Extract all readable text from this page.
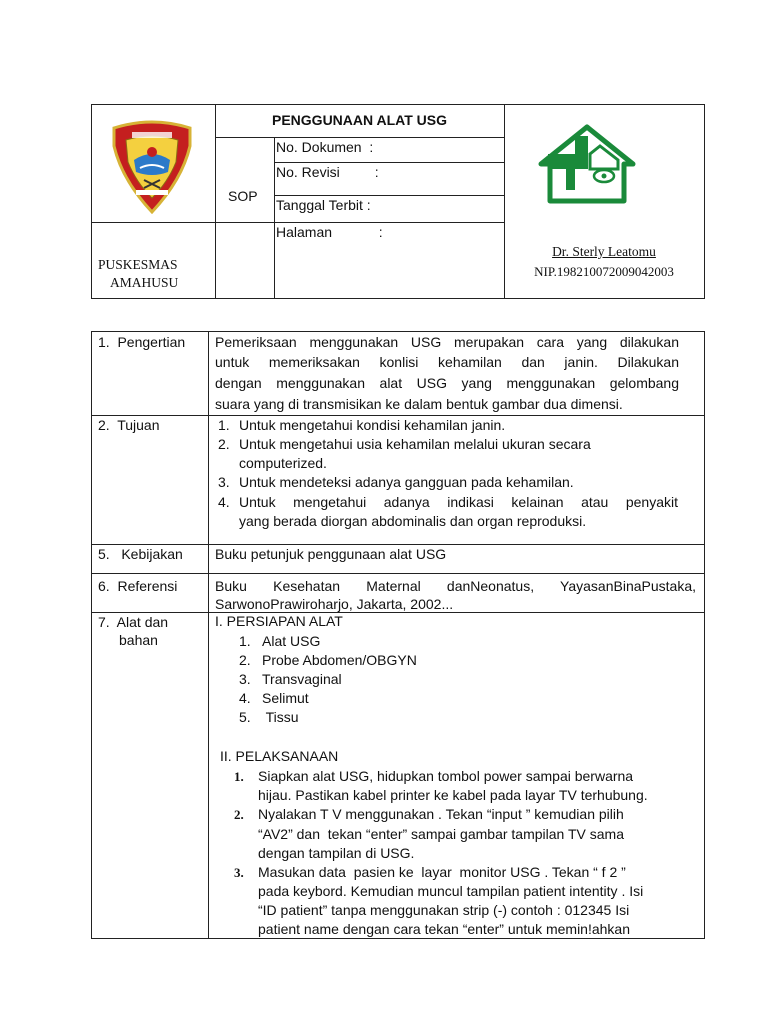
PENGGUNAAN ALAT USG
SOP
No. Dokumen  :
No. Revisi         :
Tanggal Terbit :
Halaman            :
PUSKESMAS
AMAHUSU
Dr. Sterly Leatomu
NIP.198210072009042003
1.  Pengertian Pemeriksaan menggunakan USG merupakan cara yang dilakukan
untuk memeriksakan konlisi kehamilan dan janin. Dilakukan
dengan menggunakan alat USG yang menggunakan gelombang
suara yang di transmisikan ke dalam bentuk gambar dua dimensi.
2.  Tujuan	1. Untuk mengetahui kondisi kehamilan janin.
2. Untuk mengetahui usia kehamilan melalui ukuran secara
computerized.
3. Untuk mendeteksi adanya gangguan pada kehamilan.
4. Untuk mengetahui adanya indikasi kelainan atau penyakit
yang berada diorgan abdominalis dan organ reproduksi.
5.   Kebijakan Buku petunjuk penggunaan alat USG
6.  Referensi	Buku Kesehatan Maternal danNeonatus, YayasanBinaPustaka,
SarwonoPrawiroharjo, Jakarta, 2002...
7.  Alat dan
bahan
I. PERSIAPAN ALAT
1. Alat USG
2. Probe Abdomen/OBGYN
3. Transvaginal
4. Selimut
5. Tissu
II. PELAKSANAAN
1. Siapkan alat USG, hidupkan tombol power sampai berwarna
hijau. Pastikan kabel printer ke kabel pada layar TV terhubung.
2. Nyalakan T V menggunakan . Tekan “input ” kemudian pilih
“AV2” dan  tekan “enter” sampai gambar tampilan TV sama
dengan tampilan di USG.
3. Masukan data  pasien ke  layar  monitor USG . Tekan “ f 2 ”
pada keybord. Kemudian muncul tampilan patient intentity . Isi
“ID patient” tanpa menggunakan strip (-) contoh : 012345 Isi
patient name dengan cara tekan “enter” untuk memin!ahkan
